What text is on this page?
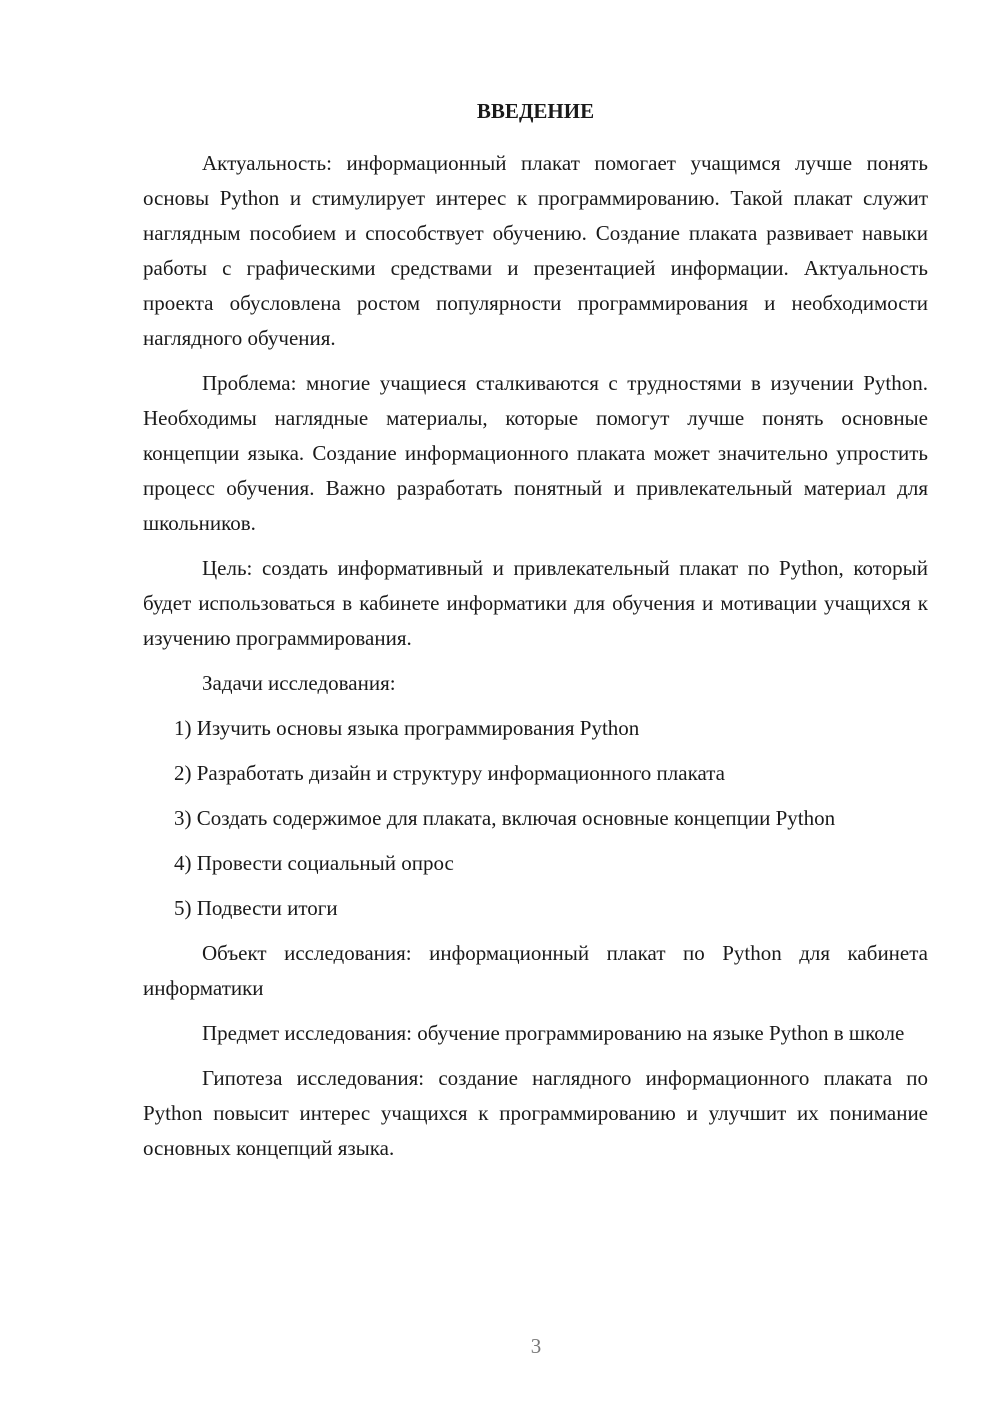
ВВЕДЕНИЕ

Актуальность: информационный плакат помогает учащимся лучше понять основы Python и стимулирует интерес к программированию. Такой плакат служит наглядным пособием и способствует обучению. Создание плаката развивает навыки работы с графическими средствами и презентацией информации. Актуальность проекта обусловлена ростом популярности программирования и необходимости наглядного обучения.

Проблема: многие учащиеся сталкиваются с трудностями в изучении Python. Необходимы наглядные материалы, которые помогут лучше понять основные концепции языка. Создание информационного плаката может значительно упростить процесс обучения. Важно разработать понятный и привлекательный материал для школьников.

Цель: создать информативный и привлекательный плакат по Python, который будет использоваться в кабинете информатики для обучения и мотивации учащихся к изучению программирования.

Задачи исследования:

1) Изучить основы языка программирования Python

2) Разработать дизайн и структуру информационного плаката

3) Создать содержимое для плаката, включая основные концепции Python

4) Провести социальный опрос

5) Подвести итоги

Объект исследования: информационный плакат по Python для кабинета информатики

Предмет исследования: обучение программированию на языке Python в школе

Гипотеза исследования: создание наглядного информационного плаката по Python повысит интерес учащихся к программированию и улучшит их понимание основных концепций языка.

3
